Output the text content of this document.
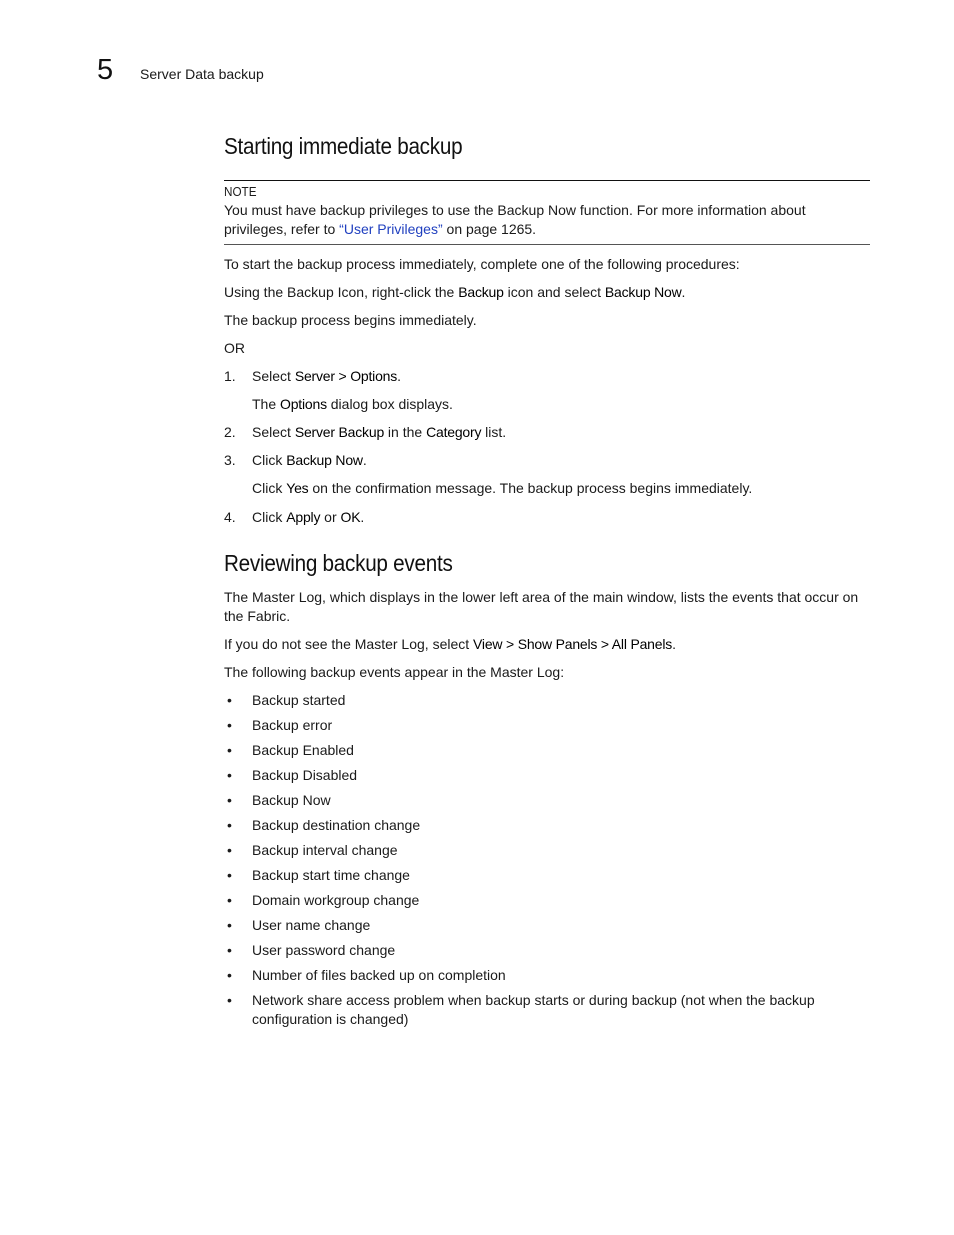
5 Server Data backup
Starting immediate backup
NOTE

You must have backup privileges to use the Backup Now function. For more information about privileges, refer to “User Privileges” on page 1265.

To start the backup process immediately, complete one of the following procedures:

Using the Backup Icon, right-click the Backup icon and select Backup Now.

The backup process begins immediately.

OR

1. Select Server > Options.

The Options dialog box displays.

2. Select Server Backup in the Category list.

3. Click Backup Now.

Click Yes on the confirmation message. The backup process begins immediately.

4. Click Apply or OK.

Reviewing backup events

The Master Log, which displays in the lower left area of the main window, lists the events that occur on the Fabric.

If you do not see the Master Log, select View > Show Panels > All Panels.

The following backup events appear in the Master Log:

• Backup started
• Backup error
• Backup Enabled
• Backup Disabled
• Backup Now
• Backup destination change
• Backup interval change
• Backup start time change
• Domain workgroup change
• User name change
• User password change
• Number of files backed up on completion
• Network share access problem when backup starts or during backup (not when the backup configuration is changed)
